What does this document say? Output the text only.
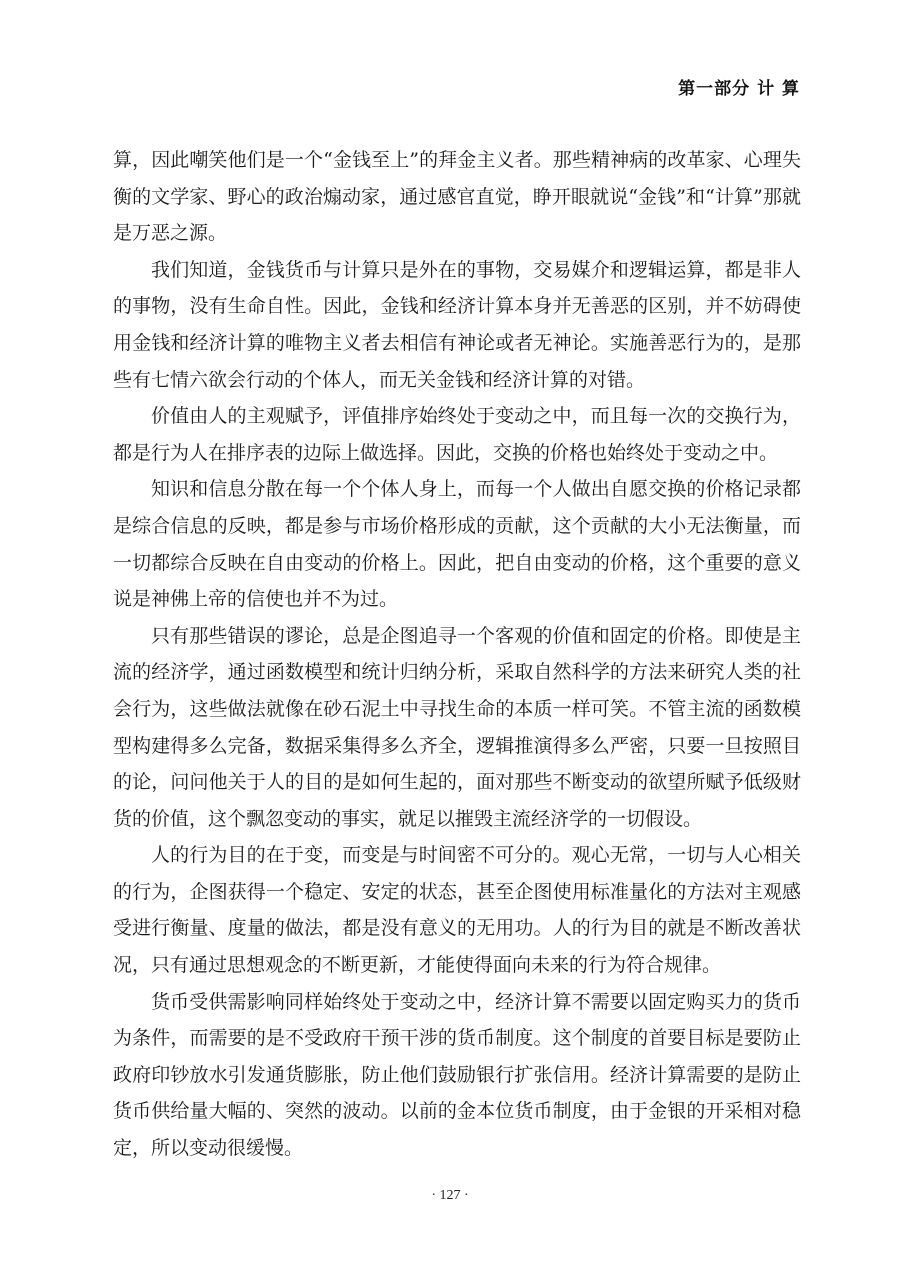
第一部分 计 算

算，因此嘲笑他们是一个“金钱至上”的拜金主义者。那些精神病的改革家、心理失衡的文学家、野心的政治煽动家，通过感官直觉，睁开眼就说“金钱”和“计算”那就是万恶之源。

我们知道，金钱货币与计算只是外在的事物，交易媒介和逻辑运算，都是非人的事物，没有生命自性。因此，金钱和经济计算本身并无善恶的区别，并不妨碍使用金钱和经济计算的唯物主义者去相信有神论或者无神论。实施善恶行为的，是那些有七情六欲会行动的个体人，而无关金钱和经济计算的对错。

价值由人的主观赋予，评值排序始终处于变动之中，而且每一次的交换行为，都是行为人在排序表的边际上做选择。因此，交换的价格也始终处于变动之中。

知识和信息分散在每一个个体人身上，而每一个人做出自愿交换的价格记录都是综合信息的反映，都是参与市场价格形成的贡献，这个贡献的大小无法衡量，而一切都综合反映在自由变动的价格上。因此，把自由变动的价格，这个重要的意义说是神佛上帝的信使也并不为过。

只有那些错误的谬论，总是企图追寻一个客观的价值和固定的价格。即使是主流的经济学，通过函数模型和统计归纳分析，采取自然科学的方法来研究人类的社会行为，这些做法就像在砂石泥土中寻找生命的本质一样可笑。不管主流的函数模型构建得多么完备，数据采集得多么齐全，逻辑推演得多么严密，只要一旦按照目的论，问问他关于人的目的是如何生起的，面对那些不断变动的欲望所赋予低级财货的价值，这个飘忽变动的事实，就足以摧毁主流经济学的一切假设。

人的行为目的在于变，而变是与时间密不可分的。观心无常，一切与人心相关的行为，企图获得一个稳定、安定的状态，甚至企图使用标准量化的方法对主观感受进行衡量、度量的做法，都是没有意义的无用功。人的行为目的就是不断改善状况，只有通过思想观念的不断更新，才能使得面向未来的行为符合规律。

货币受供需影响同样始终处于变动之中，经济计算不需要以固定购买力的货币为条件，而需要的是不受政府干预干涉的货币制度。这个制度的首要目标是要防止政府印钞放水引发通货膨胀，防止他们鼓励银行扩张信用。经济计算需要的是防止货币供给量大幅的、突然的波动。以前的金本位货币制度，由于金银的开采相对稳定，所以变动很缓慢。

· 127 ·
